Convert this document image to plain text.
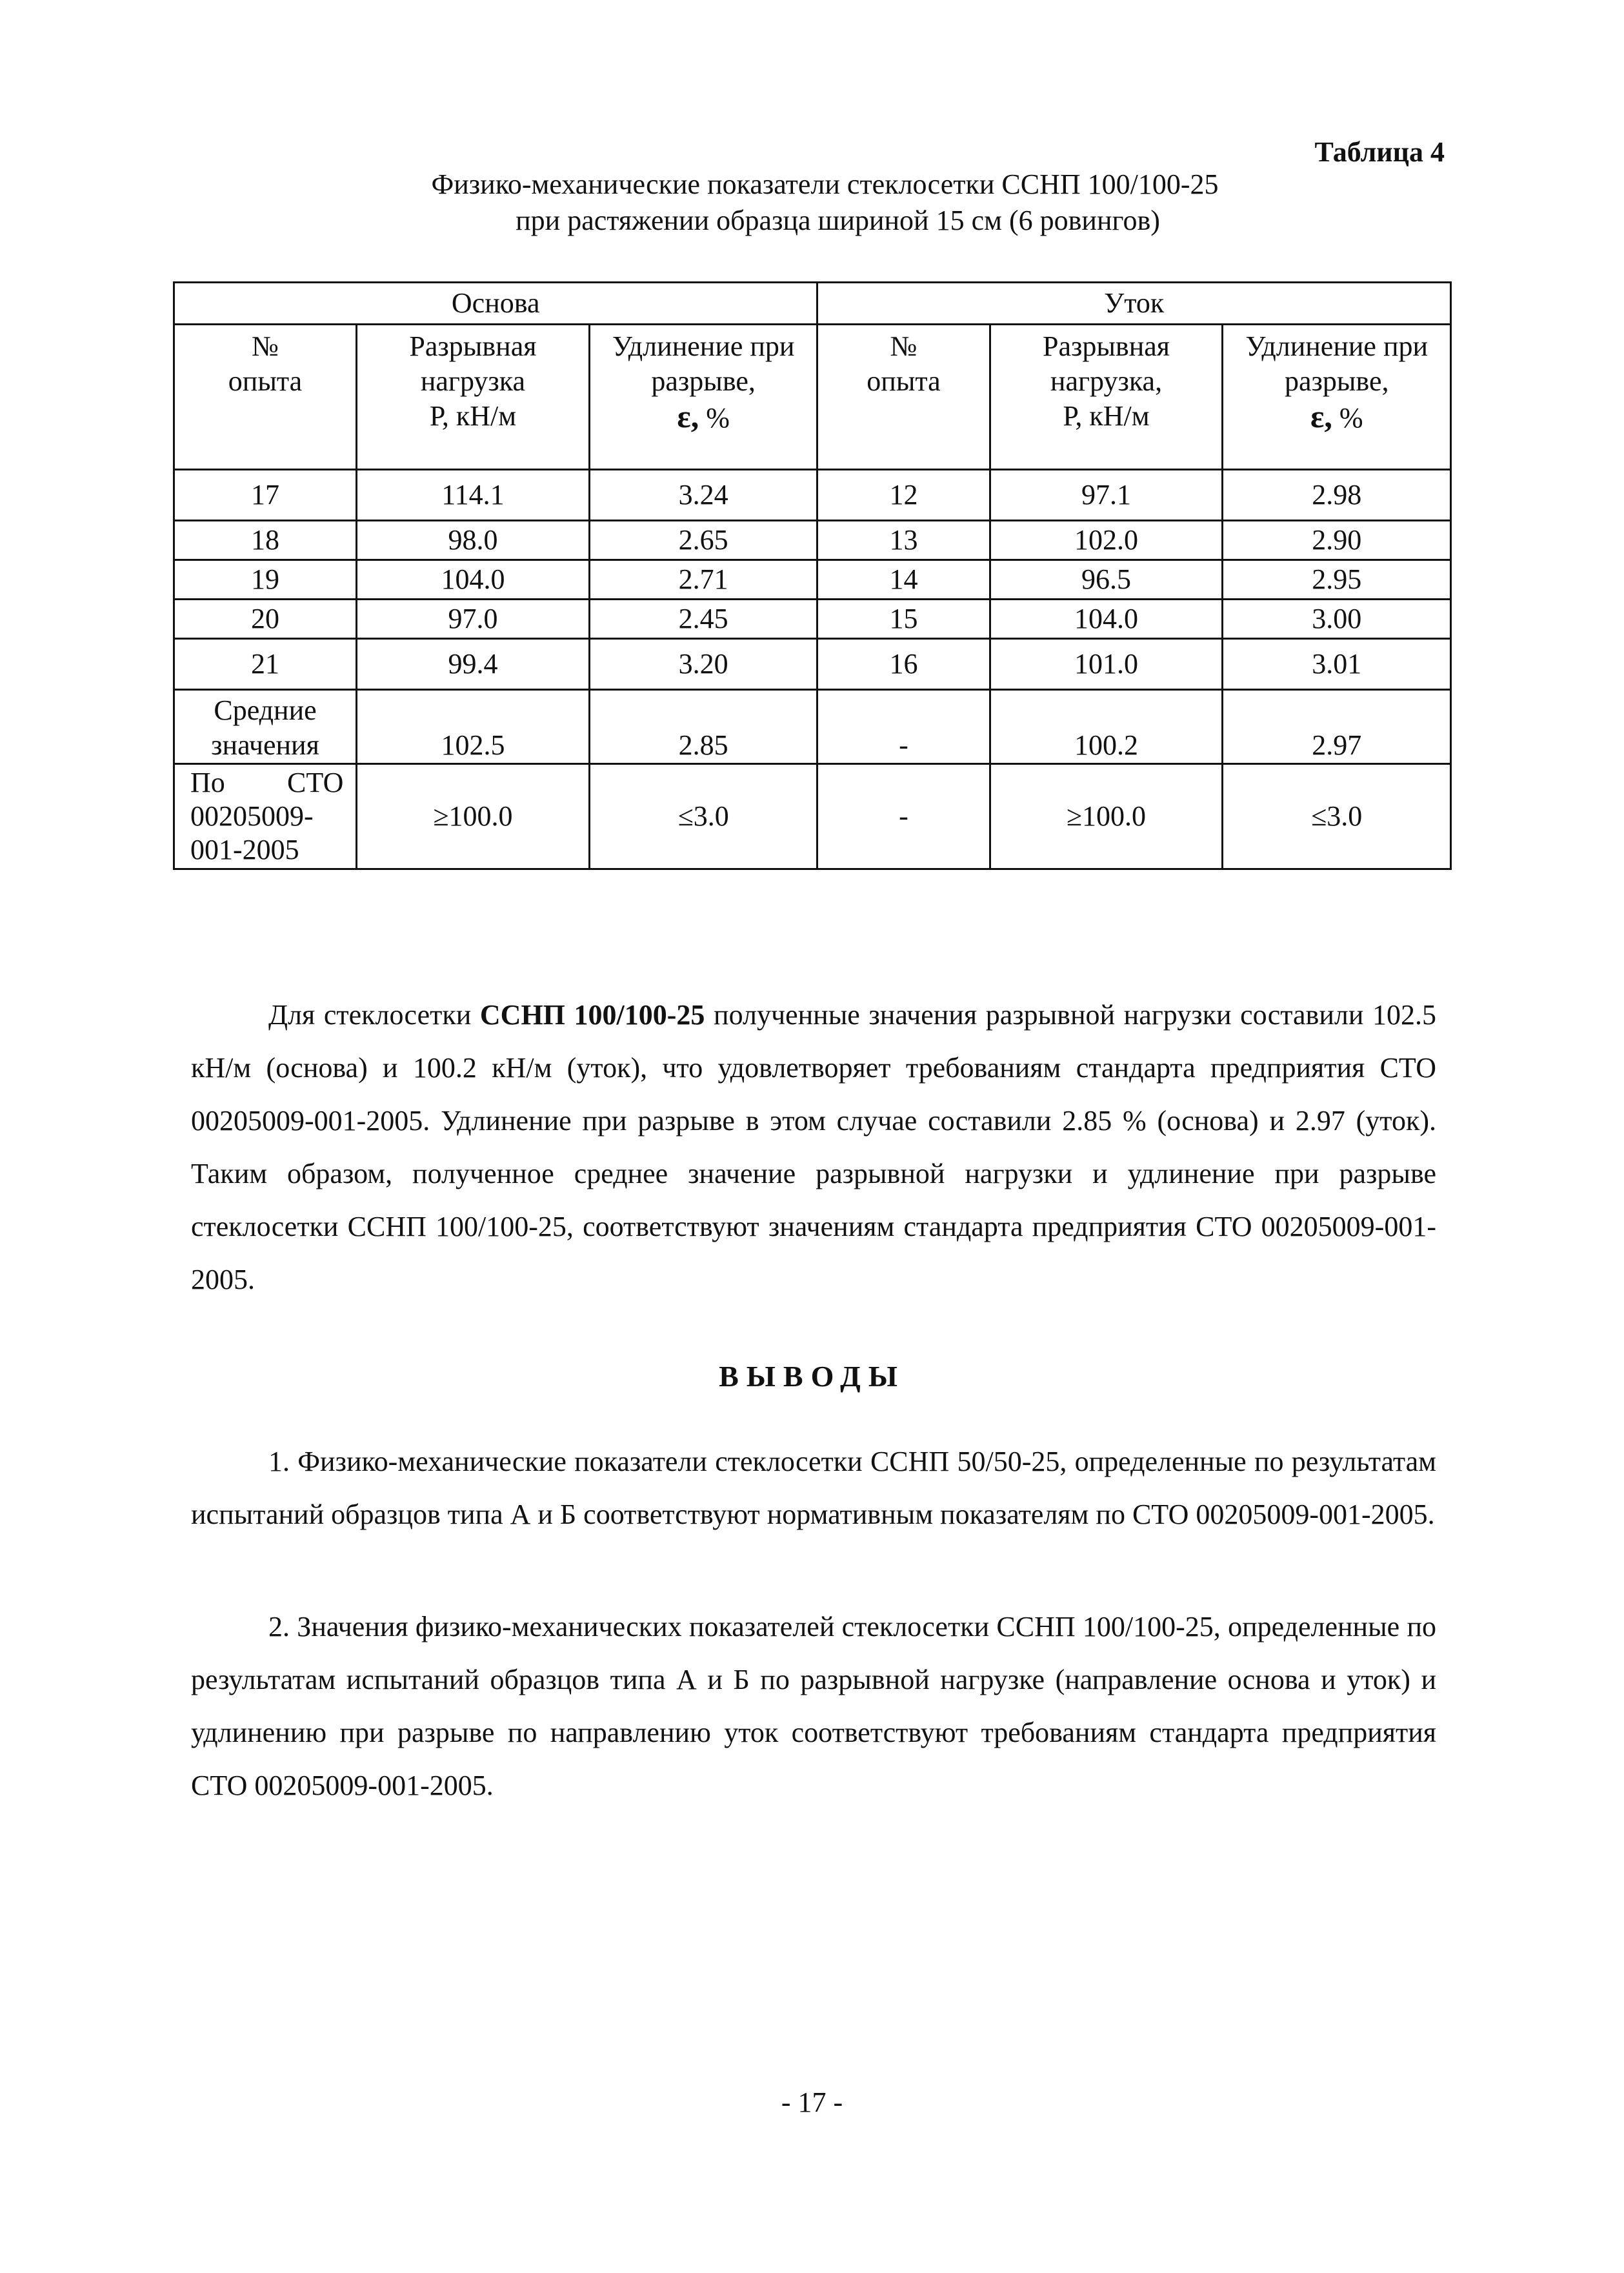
Таблица 4
Физико-механические показатели стеклосетки ССНП 100/100-25
при растяжении образца шириной 15 см (6 ровингов)
Основа			Уток		
№
опыта	Разрывная
нагрузка
Р, кН/м	Удлинение при
разрыве,
ε, %	№
опыта	Разрывная
нагрузка,
Р, кН/м	Удлинение при
разрыве,
ε, %
17	114.1	3.24	12	97.1	2.98
18	98.0	2.65	13	102.0	2.90
19	104.0	2.71	14	96.5	2.95
20	97.0	2.45	15	104.0	3.00
21	99.4	3.20	16	101.0	3.01
Средние
значения	102.5	2.85	-	100.2	2.97
По СТО
00205009-
001-2005	≥100.0	≤3.0	-	≥100.0	≤3.0

Для стеклосетки ССНП 100/100-25 полученные значения разрывной нагрузки составили 102.5 кН/м (основа) и 100.2 кН/м (уток), что удовлетворяет требованиям стандарта предприятия СТО 00205009-001-2005. Удлинение при разрыве в этом случае составили 2.85 % (основа) и 2.97 (уток). Таким образом, полученное среднее значение разрывной нагрузки и удлинение при разрыве стеклосетки ССНП 100/100-25, соответствуют значениям стандарта предприятия СТО 00205009-001-2005.

ВЫВОДЫ

1. Физико-механические показатели стеклосетки ССНП 50/50-25, определенные по результатам испытаний образцов типа А и Б соответствуют нормативным показателям по СТО 00205009-001-2005.

2. Значения физико-механических показателей стеклосетки ССНП 100/100-25, определенные по результатам испытаний образцов типа А и Б по разрывной нагрузке (направление основа и уток) и удлинению при разрыве по направлению уток соответствуют требованиям стандарта предприятия СТО 00205009-001-2005.

- 17 -
